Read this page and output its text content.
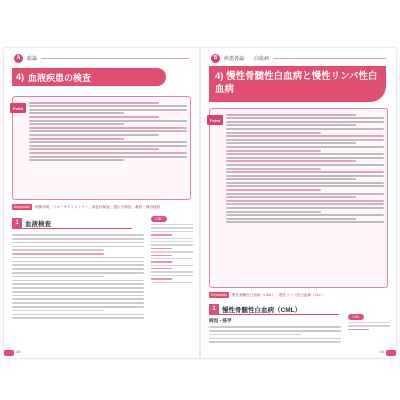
A	総論
4) 血液疾患の検査
Point
Keywords	骨髄穿刺、フローサイトメトリー、染色体検査、遺伝子検査、凝固・線溶検査
1 血液検査
CBC
48
B	疾患各論 白血病
4) 慢性骨髄性白血病と慢性リンパ性白血病
Point
Keywords	慢性骨髄性白血病（CML）、慢性リンパ性白血病（CLL）
1 慢性骨髄性白血病（CML）
病因・疫学
CML
49
